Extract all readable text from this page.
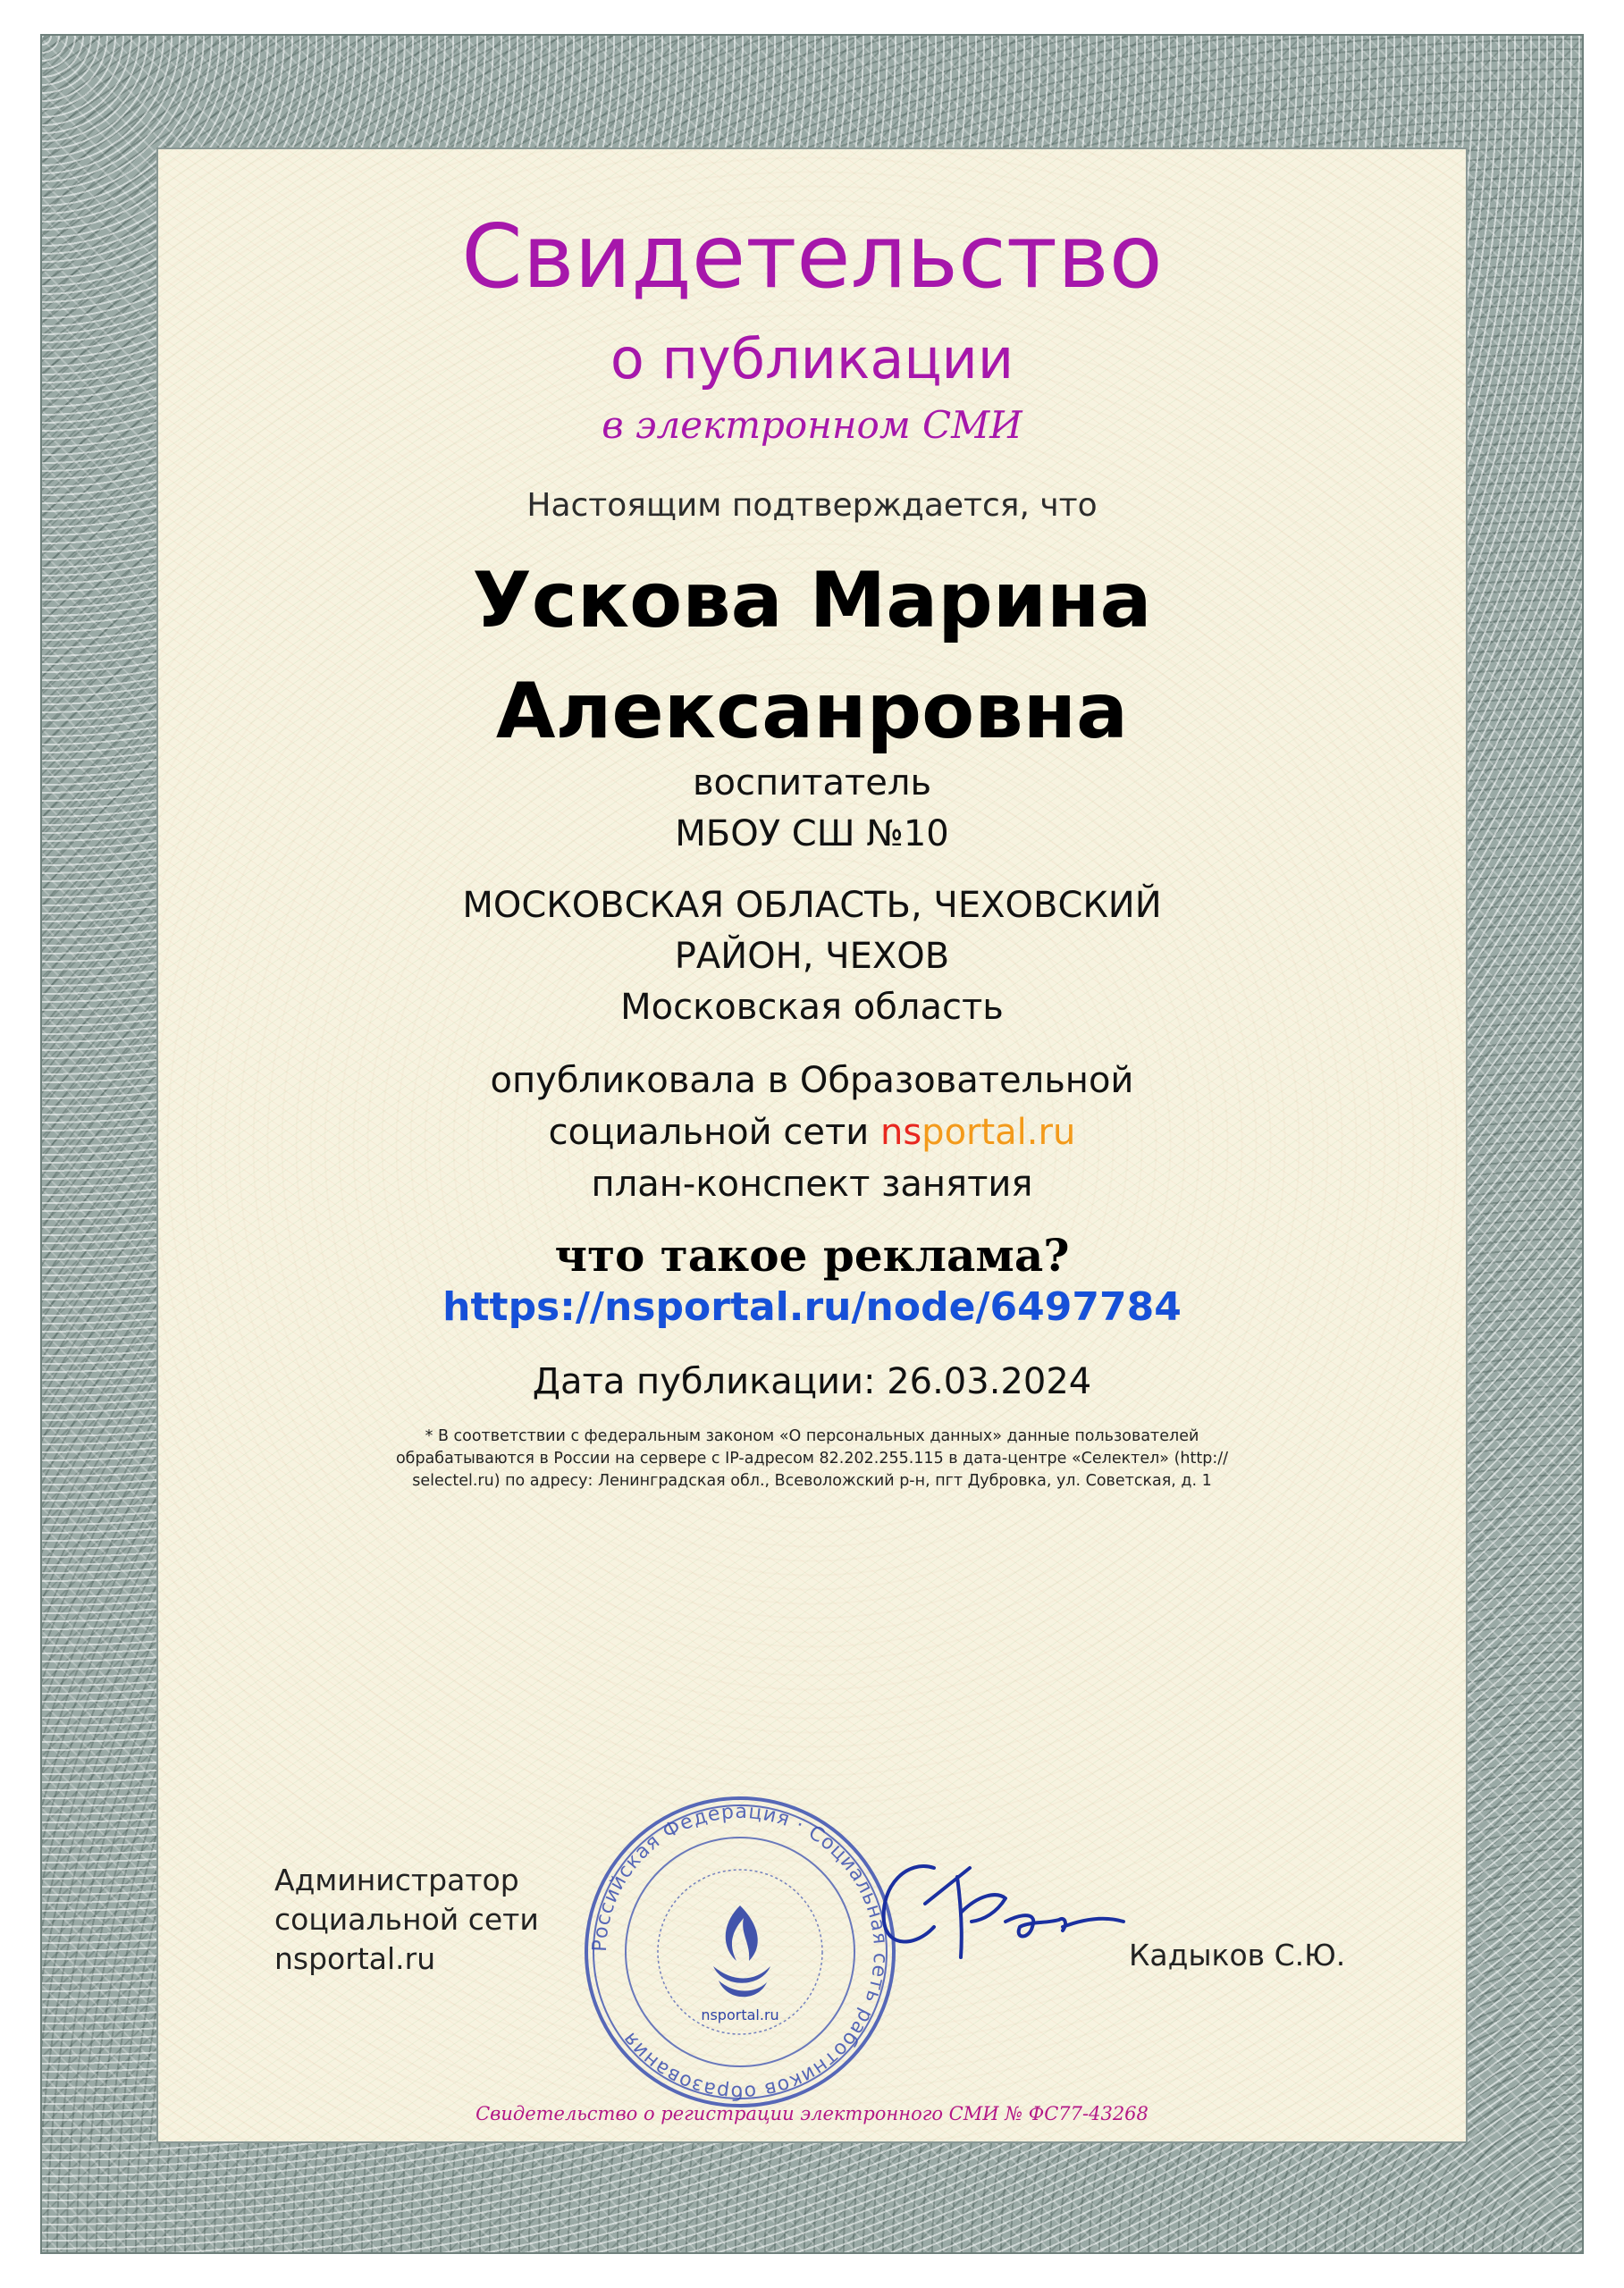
Свидетельство
о публикации
в электронном СМИ
Настоящим подтверждается, что
Ускова Марина
Алексанровна
воспитатель
МБОУ СШ №10
МОСКОВСКАЯ ОБЛАСТЬ, ЧЕХОВСКИЙ
РАЙОН, ЧЕХОВ
Московская область
опубликовала в Образовательной
социальной сети nsportal.ru
план-конспект занятия
что такое реклама?
https://nsportal.ru/node/6497784
Дата публикации: 26.03.2024
* В соответствии с федеральным законом «О персональных данных» данные пользователей
обрабатываются в России на сервере с IP-адресом 82.202.255.115 в дата-центре «Селектел» (http://
selectel.ru) по адресу: Ленинградская обл., Всеволожский р-н, пгт Дубровка, ул. Советская, д. 1
Администратор
социальной сети
nsportal.ru	Российская Федерация · Социальная сеть работников образования
nsportal.ru
Кадыков С.Ю.
Свидетельство о регистрации электронного СМИ № ФС77-43268
